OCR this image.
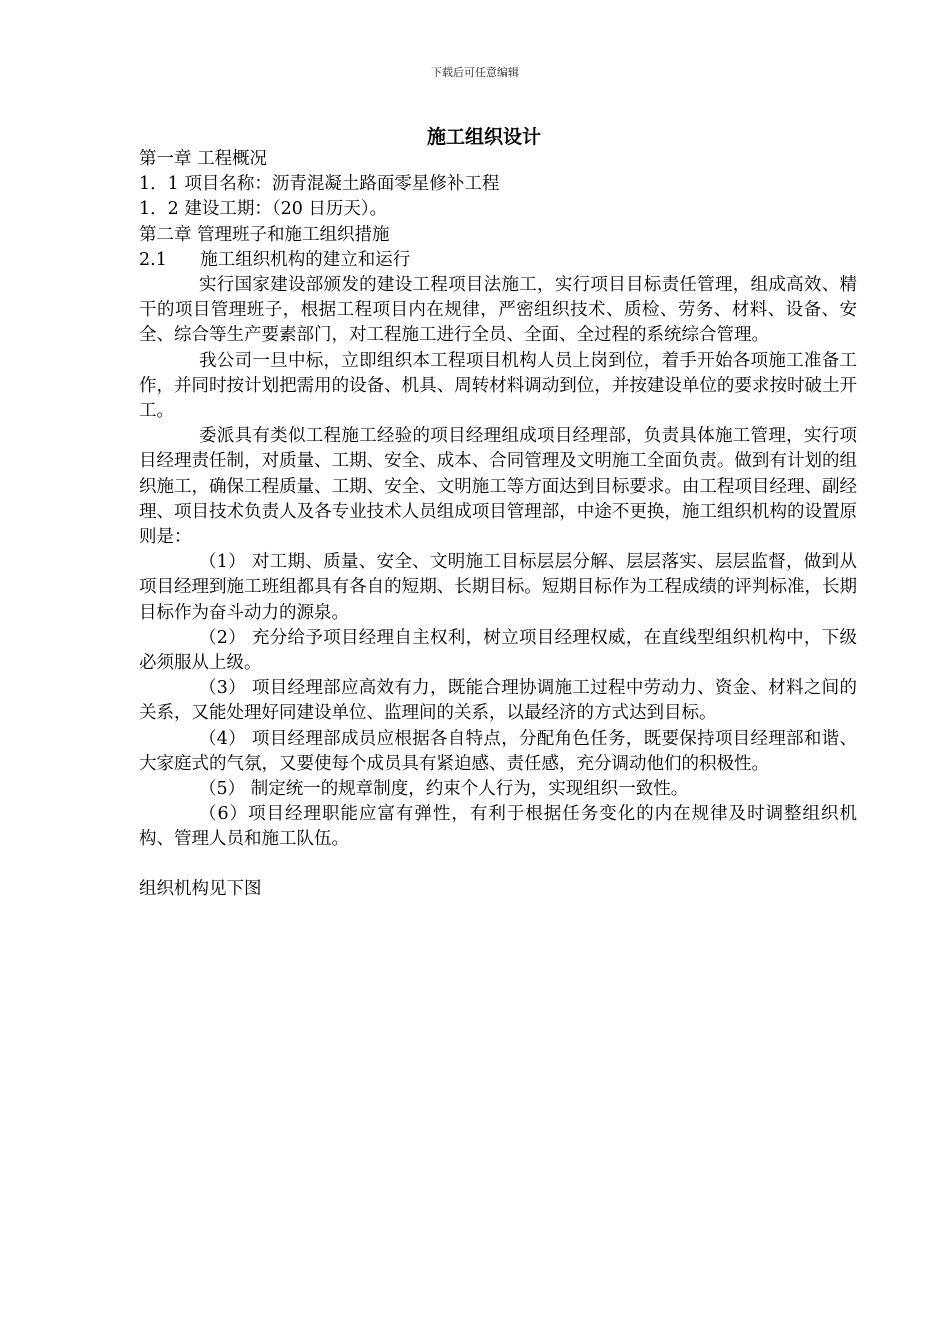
下载后可任意编辑
施工组织设计

第一章 工程概况

1．1 项目名称：沥青混凝土路面零星修补工程

1．2 建设工期：（20 日历天）。

第二章 管理班子和施工组织措施

2.1      施工组织机构的建立和运行

实行国家建设部颁发的建设工程项目法施工，实行项目目标责任管理，组成高效、精干的项目管理班子，根据工程项目内在规律，严密组织技术、质检、劳务、材料、设备、安全、综合等生产要素部门，对工程施工进行全员、全面、全过程的系统综合管理。

我公司一旦中标，立即组织本工程项目机构人员上岗到位，着手开始各项施工准备工作，并同时按计划把需用的设备、机具、周转材料调动到位，并按建设单位的要求按时破土开工。

委派具有类似工程施工经验的项目经理组成项目经理部，负责具体施工管理，实行项目经理责任制，对质量、工期、安全、成本、合同管理及文明施工全面负责。做到有计划的组织施工，确保工程质量、工期、安全、文明施工等方面达到目标要求。由工程项目经理、副经理、项目技术负责人及各专业技术人员组成项目管理部，中途不更换，施工组织机构的设置原则是：

（1） 对工期、质量、安全、文明施工目标层层分解、层层落实、层层监督，做到从项目经理到施工班组都具有各自的短期、长期目标。短期目标作为工程成绩的评判标准，长期目标作为奋斗动力的源泉。

（2） 充分给予项目经理自主权利，树立项目经理权威，在直线型组织机构中，下级必须服从上级。

（3） 项目经理部应高效有力，既能合理协调施工过程中劳动力、资金、材料之间的关系，又能处理好同建设单位、监理间的关系，以最经济的方式达到目标。

（4） 项目经理部成员应根据各自特点，分配角色任务，既要保持项目经理部和谐、大家庭式的气氛，又要使每个成员具有紧迫感、责任感，充分调动他们的积极性。

（5） 制定统一的规章制度，约束个人行为，实现组织一致性。

（6）项目经理职能应富有弹性，有利于根据任务变化的内在规律及时调整组织机构、管理人员和施工队伍。

组织机构见下图
